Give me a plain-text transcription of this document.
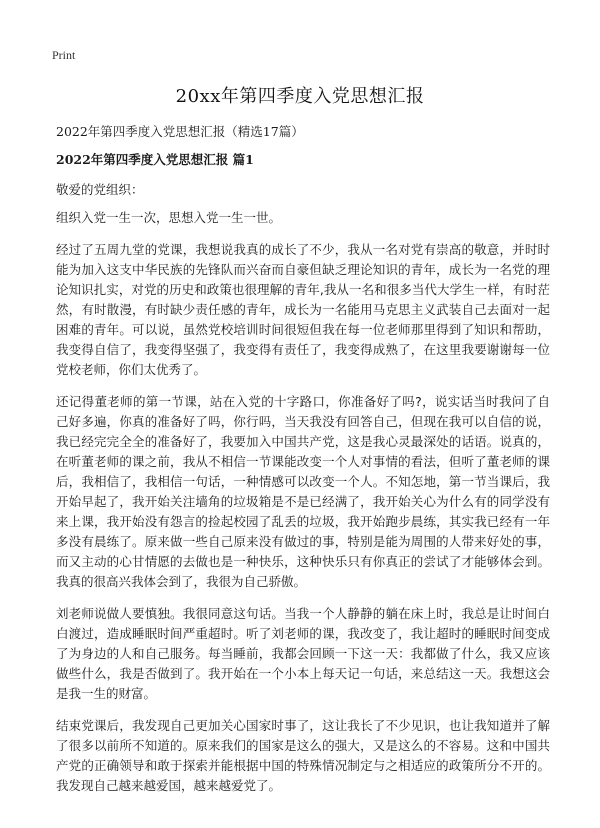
Print
20xx年第四季度入党思想汇报
2022年第四季度入党思想汇报（精选17篇）
2022年第四季度入党思想汇报 篇1
敬爱的党组织：

组织入党一生一次，思想入党一生一世。

经过了五周九堂的党课，我想说我真的成长了不少，我从一名对党有崇高的敬意，并时时能为加入这支中华民族的先锋队而兴奋而自豪但缺乏理论知识的青年，成长为一名党的理论知识扎实，对党的历史和政策也很理解的青年,我从一名和很多当代大学生一样，有时茫然，有时散漫，有时缺少责任感的青年，成长为一名能用马克思主义武装自己去面对一起困难的青年。可以说，虽然党校培训时间很短但我在每一位老师那里得到了知识和帮助，我变得自信了，我变得坚强了，我变得有责任了，我变得成熟了，在这里我要谢谢每一位党校老师，你们太优秀了。

还记得董老师的第一节课，站在入党的十字路口，你准备好了吗?，说实话当时我问了自己好多遍，你真的准备好了吗，你行吗，当天我没有回答自己，但现在我可以自信的说，我已经完完全全的准备好了，我要加入中国共产党，这是我心灵最深处的话语。说真的，在听董老师的课之前，我从不相信一节课能改变一个人对事情的看法，但听了董老师的课后，我相信了，我相信一句话，一种情感可以改变一个人。不知怎地，第一节当课后，我开始早起了，我开始关注墙角的垃圾箱是不是已经满了，我开始关心为什么有的同学没有来上课，我开始没有怨言的捡起校园了乱丢的垃圾，我开始跑步晨练，其实我已经有一年多没有晨练了。原来做一些自己原来没有做过的事，特别是能为周围的人带来好处的事，而又主动的心甘情愿的去做也是一种快乐，这种快乐只有你真正的尝试了才能够体会到。我真的很高兴我体会到了，我很为自己骄傲。

刘老师说做人要慎独。我很同意这句话。当我一个人静静的躺在床上时，我总是让时间白白渡过，造成睡眠时间严重超时。听了刘老师的课，我改变了，我让超时的睡眠时间变成了为身边的人和自己服务。每当睡前，我都会回顾一下这一天：我都做了什么，我又应该做些什么，我是否做到了。我开始在一个小本上每天记一句话，来总结这一天。我想这会是我一生的财富。

结束党课后，我发现自己更加关心国家时事了，这让我长了不少见识，也让我知道并了解了很多以前所不知道的。原来我们的国家是这么的强大，又是这么的不容易。这和中国共产党的正确领导和敢于探索并能根据中国的特殊情况制定与之相适应的政策所分不开的。我发现自己越来越爱国，越来越爱党了。
